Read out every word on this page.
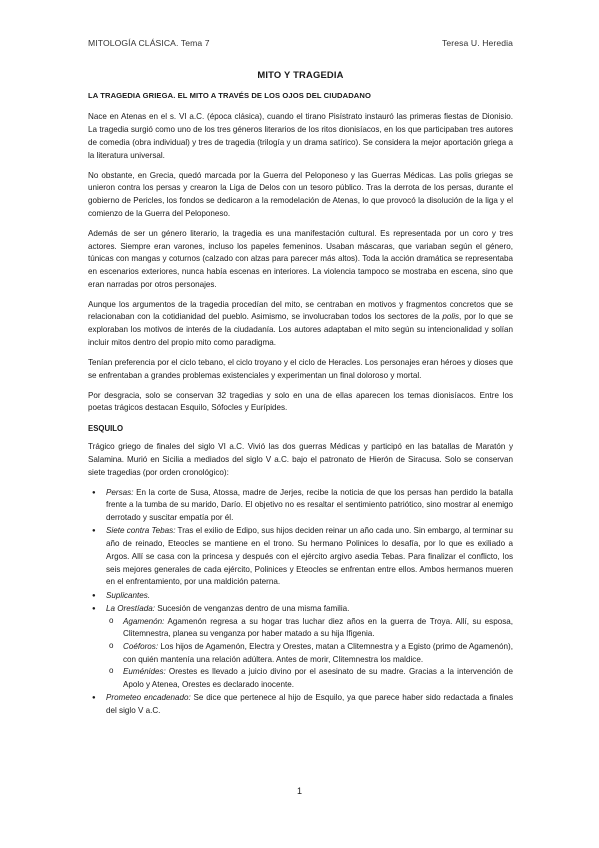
MITOLOGÍA CLÁSICA. Tema 7	Teresa U. Heredia
MITO Y TRAGEDIA
LA TRAGEDIA GRIEGA. EL MITO A TRAVÉS DE LOS OJOS DEL CIUDADANO

Nace en Atenas en el s. VI a.C. (época clásica), cuando el tirano Pisístrato instauró las primeras fiestas de Dionisio. La tragedia surgió como uno de los tres géneros literarios de los ritos dionisíacos, en los que participaban tres autores de comedia (obra individual) y tres de tragedia (trilogía y un drama satírico). Se considera la mejor aportación griega a la literatura universal.

No obstante, en Grecia, quedó marcada por la Guerra del Peloponeso y las Guerras Médicas. Las polis griegas se unieron contra los persas y crearon la Liga de Delos con un tesoro público. Tras la derrota de los persas, durante el gobierno de Pericles, los fondos se dedicaron a la remodelación de Atenas, lo que provocó la disolución de la liga y el comienzo de la Guerra del Peloponeso.

Además de ser un género literario, la tragedia es una manifestación cultural. Es representada por un coro y tres actores. Siempre eran varones, incluso los papeles femeninos. Usaban máscaras, que variaban según el género, túnicas con mangas y coturnos (calzado con alzas para parecer más altos). Toda la acción dramática se representaba en escenarios exteriores, nunca había escenas en interiores. La violencia tampoco se mostraba en escena, sino que eran narradas por otros personajes.

Aunque los argumentos de la tragedia procedían del mito, se centraban en motivos y fragmentos concretos que se relacionaban con la cotidianidad del pueblo. Asimismo, se involucraban todos los sectores de la polis, por lo que se exploraban los motivos de interés de la ciudadanía. Los autores adaptaban el mito según su intencionalidad y solían incluir mitos dentro del propio mito como paradigma.

Tenían preferencia por el ciclo tebano, el ciclo troyano y el ciclo de Heracles. Los personajes eran héroes y dioses que se enfrentaban a grandes problemas existenciales y experimentan un final doloroso y mortal.

Por desgracia, solo se conservan 32 tragedias y solo en una de ellas aparecen los temas dionisíacos. Entre los poetas trágicos destacan Esquilo, Sófocles y Eurípides.

ESQUILO

Trágico griego de finales del siglo VI a.C. Vivió las dos guerras Médicas y participó en las batallas de Maratón y Salamina. Murió en Sicilia a mediados del siglo V a.C. bajo el patronato de Hierón de Siracusa. Solo se conservan siete tragedias (por orden cronológico):

● Persas: En la corte de Susa, Atossa, madre de Jerjes, recibe la noticia de que los persas han perdido la batalla frente a la tumba de su marido, Darío. El objetivo no es resaltar el sentimiento patriótico, sino mostrar al enemigo derrotado y suscitar empatía por él.
● Siete contra Tebas: Tras el exilio de Edipo, sus hijos deciden reinar un año cada uno. Sin embargo, al terminar su año de reinado, Eteocles se mantiene en el trono. Su hermano Polinices lo desafía, por lo que es exiliado a Argos. Allí se casa con la princesa y después con el ejército argivo asedia Tebas. Para finalizar el conflicto, los seis mejores generales de cada ejército, Polinices y Eteocles se enfrentan entre ellos. Ambos hermanos mueren en el enfrentamiento, por una maldición paterna.
● Suplicantes.
● La Orestíada: Sucesión de venganzas dentro de una misma familia.
o Agamenón: Agamenón regresa a su hogar tras luchar diez años en la guerra de Troya. Allí, su esposa, Clitemnestra, planea su venganza por haber matado a su hija Ifigenia.
o Coéforos: Los hijos de Agamenón, Electra y Orestes, matan a Clitemnestra y a Egisto (primo de Agamenón), con quién mantenía una relación adúltera. Antes de morir, Clitemnestra los maldice.
o Euménides: Orestes es llevado a juicio divino por el asesinato de su madre. Gracias a la intervención de Apolo y Atenea, Orestes es declarado inocente.
● Prometeo encadenado: Se dice que pertenece al hijo de Esquilo, ya que parece haber sido redactada a finales del siglo V a.C.
1
